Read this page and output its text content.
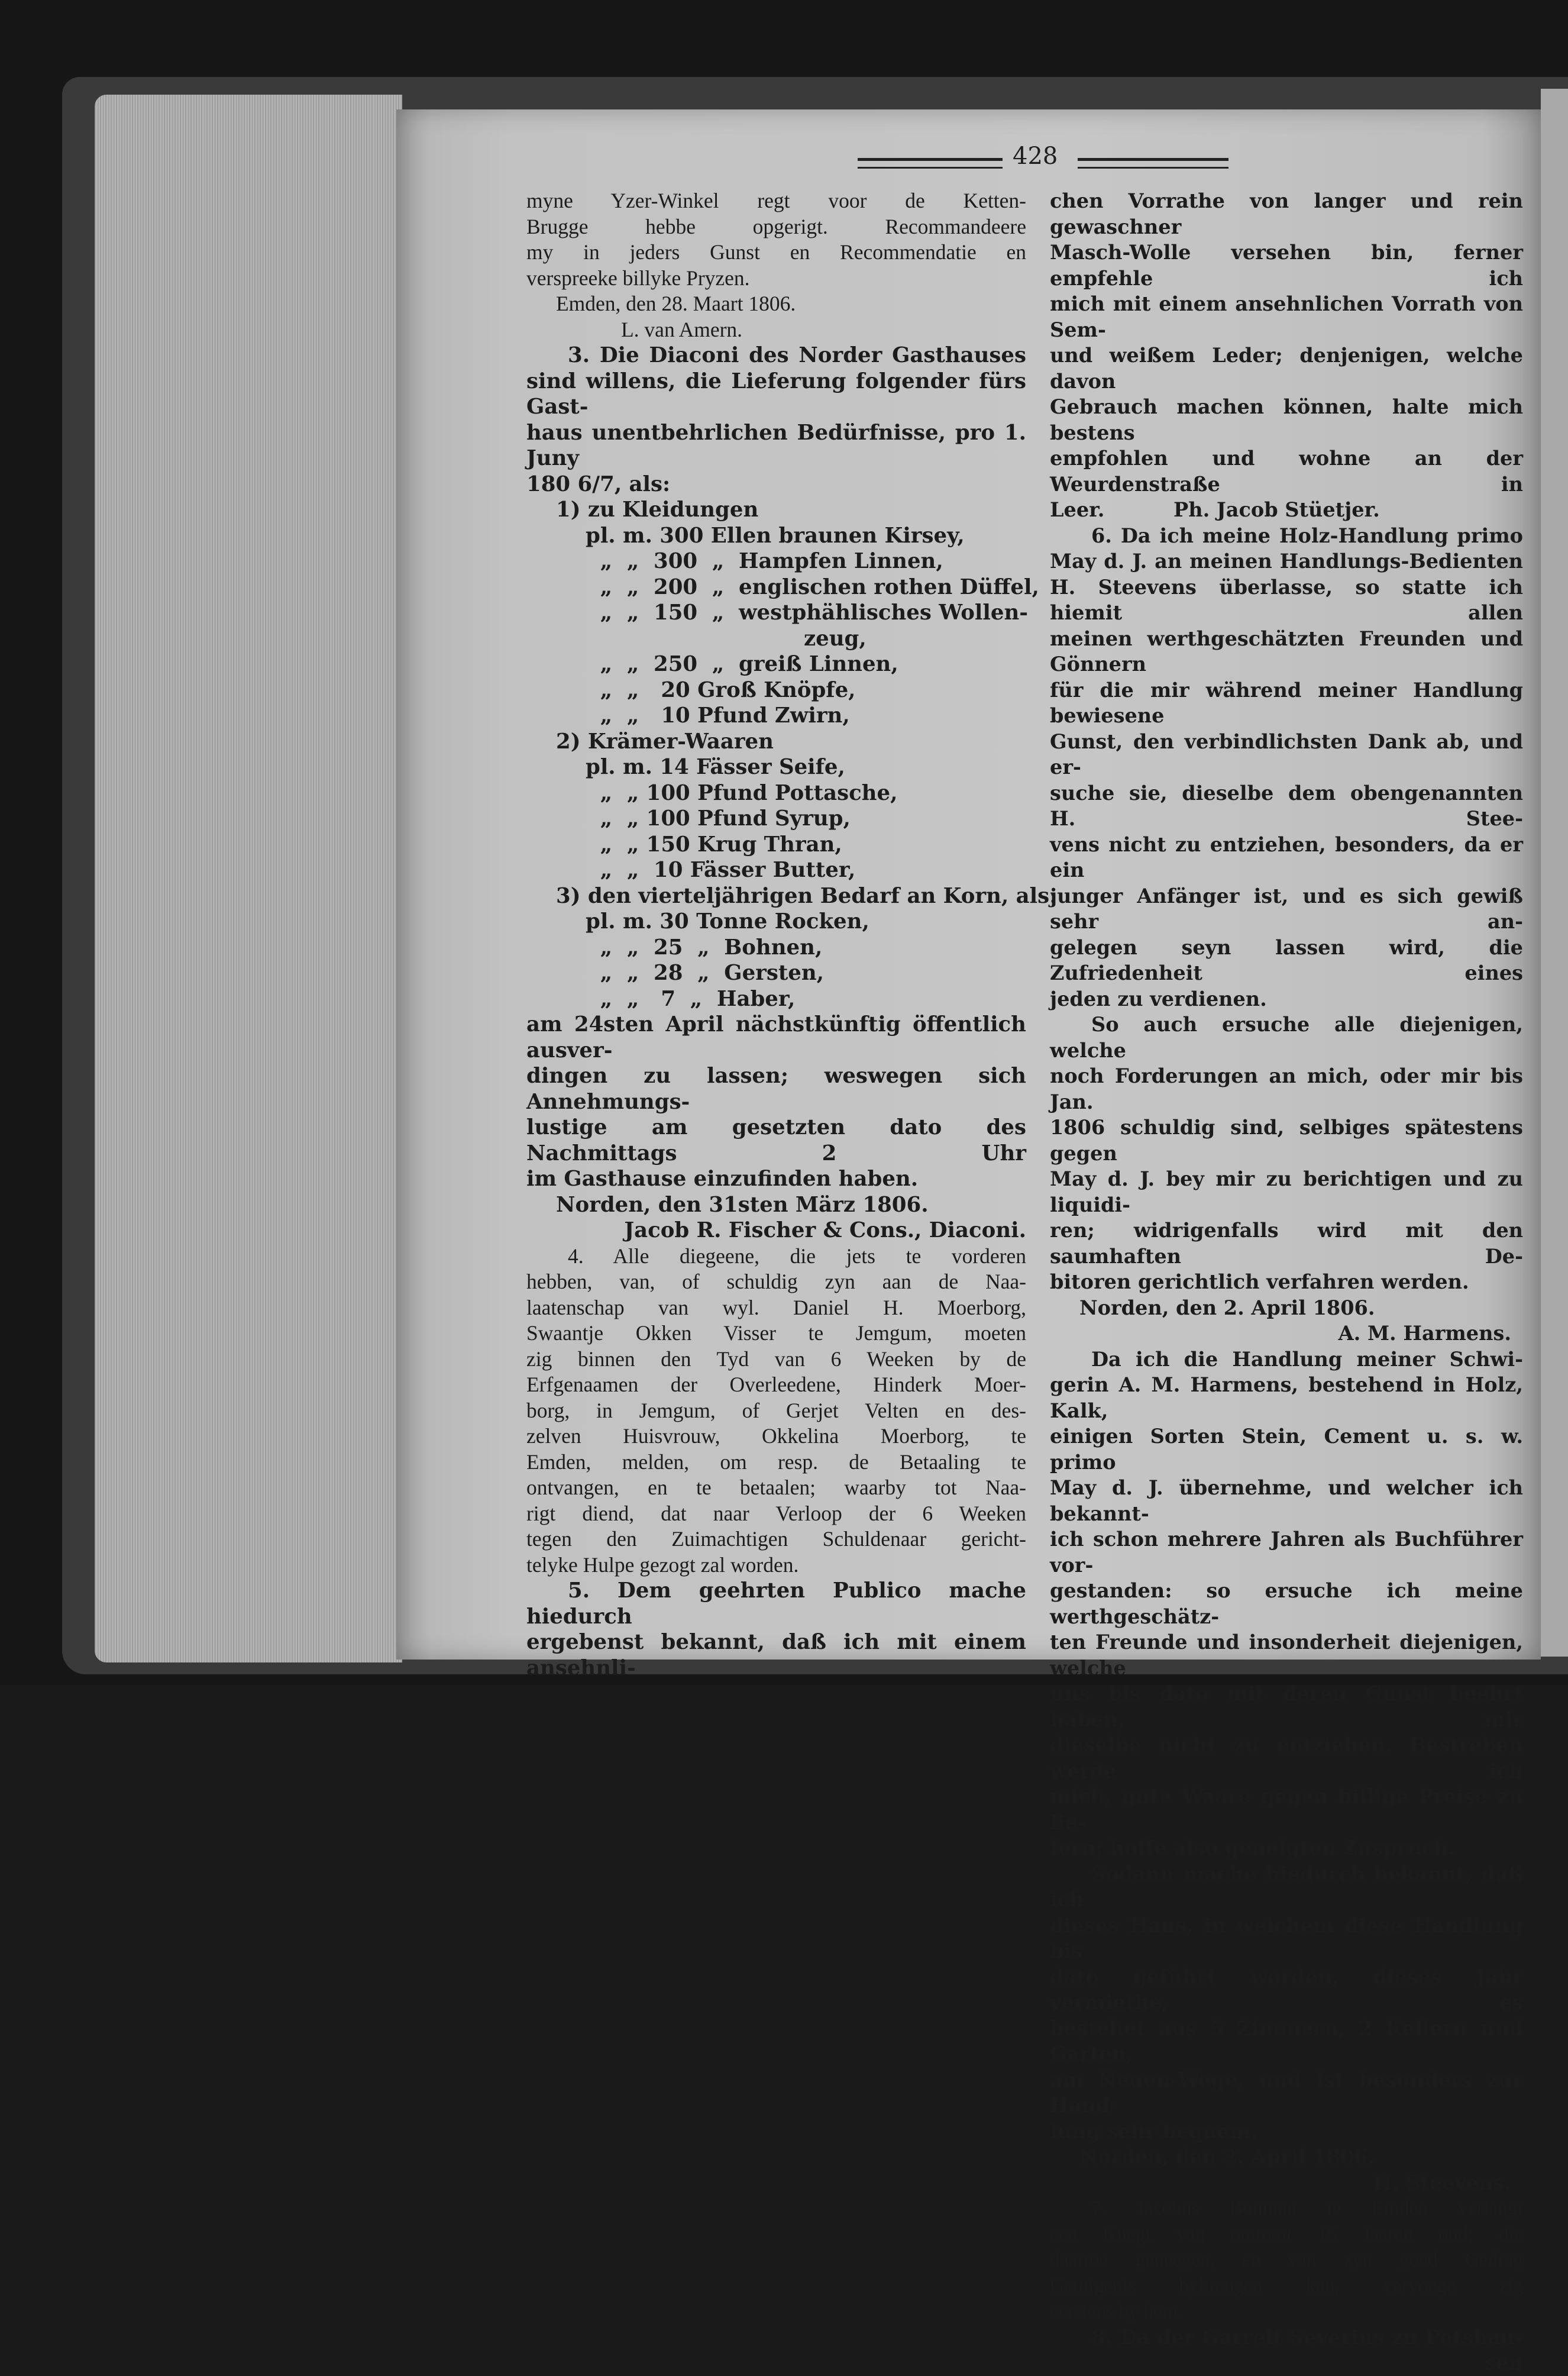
428

myne Yzer-Winkel regt voor de Ketten-

Brugge hebbe opgerigt. Recommandeere

my in jeders Gunst en Recommendatie en

verspreeke billyke Pryzen.

Emden, den 28. Maart 1806.

L. van Amern.

3. Die Diaconi des Norder Gasthauses

sind willens, die Lieferung folgender fürs Gast-

haus unentbehrlichen Bedürfnisse, pro 1. Juny

180 6/7, als:

1) zu Kleidungen

pl. m. 300 Ellen braunen Kirsey,

„  „  300  „  Hampfen Linnen,

„  „  200  „  englischen rothen Düffel,

„  „  150  „  westphählisches Wollen-

zeug,

„  „  250  „  greiß Linnen,

„  „   20 Groß Knöpfe,

„  „   10 Pfund Zwirn,

2) Krämer-Waaren

pl. m. 14 Fässer Seife,

„  „ 100 Pfund Pottasche,

„  „ 100 Pfund Syrup,

„  „ 150 Krug Thran,

„  „  10 Fässer Butter,

3) den vierteljährigen Bedarf an Korn, als:

pl. m. 30 Tonne Rocken,

„  „  25  „  Bohnen,

„  „  28  „  Gersten,

„  „   7  „  Haber,

am 24sten April nächstkünftig öffentlich ausver-

dingen zu lassen; weswegen sich Annehmungs-

lustige am gesetzten dato des Nachmittags 2 Uhr

im Gasthause einzufinden haben.

Norden, den 31sten März 1806.

Jacob R. Fischer & Cons., Diaconi.

4. Alle diegeene, die jets te vorderen

hebben, van, of schuldig zyn aan de Naa-

laatenschap van wyl. Daniel H. Moerborg,

Swaantje Okken Visser te Jemgum, moeten

zig binnen den Tyd van 6 Weeken by de

Erfgenaamen der Overleedene, Hinderk Moer-

borg, in Jemgum, of Gerjet Velten en des-

zelven Huisvrouw, Okkelina Moerborg, te

Emden, melden, om resp. de Betaaling te

ontvangen, en te betaalen; waarby tot Naa-

rigt diend, dat naar Verloop der 6 Weeken

tegen den Zuimachtigen Schuldenaar gericht-

telyke Hulpe gezogt zal worden.

5. Dem geehrten Publico mache hiedurch

ergebenst bekannt, daß ich mit einem ansehnli-

chen Vorrathe von langer und rein gewaschner

Masch-Wolle versehen bin, ferner empfehle ich

mich mit einem ansehnlichen Vorrath von Sem-

und weißem Leder; denjenigen, welche davon

Gebrauch machen können, halte mich bestens

empfohlen und wohne an der Weurdenstraße in

Leer.          Ph. Jacob Stüetjer.

6. Da ich meine Holz-Handlung primo

May d. J. an meinen Handlungs-Bedienten

H. Steevens überlasse, so statte ich hiemit allen

meinen werthgeschätzten Freunden und Gönnern

für die mir während meiner Handlung bewiesene

Gunst, den verbindlichsten Dank ab, und er-

suche sie, dieselbe dem obengenannten H. Stee-

vens nicht zu entziehen, besonders, da er ein

junger Anfänger ist, und es sich gewiß sehr an-

gelegen seyn lassen wird, die Zufriedenheit eines

jeden zu verdienen.

So auch ersuche alle diejenigen, welche

noch Forderungen an mich, oder mir bis Jan.

1806 schuldig sind, selbiges spätestens gegen

May d. J. bey mir zu berichtigen und zu liquidi-

ren; widrigenfalls wird mit den saumhaften De-

bitoren gerichtlich verfahren werden.

Norden, den 2. April 1806.

A. M. Harmens.

Da ich die Handlung meiner Schwi-

gerin A. M. Harmens, bestehend in Holz, Kalk,

einigen Sorten Stein, Cement u. s. w. primo

May d. J. übernehme, und welcher ich bekannt-

ich schon mehrere Jahren als Buchführer vor-

gestanden: so ersuche ich meine werthgeschätz-

ten Freunde und insonderheit diejenigen, welche

uns bis dato mit deren Gunst beehrt haben, mir

dieselbe nicht zu entziehen. Bestreben werde ich

mich, gute Waare gegen billige Preise zu lie-

fern; hoffe also geneigten Zuspruch.

Sodann mache hiedurch bekannt, daß ich

dieses Haus, in welchem diese Handlung bis

dato geführt worden, dieses Jahr vermiethe, es

bestehet aus 5 Zimmern, 2 Kellern und Garten,

am Neuen-Wege, und ist besonders zur Hand-

lung sehr bequem.

Norden, den 2. April 1806.

H. Steevens.

7. Jacobus Bouman te Emden verlangt

een Knegt van omtrent 15 Jaaren oud; die

daartoe geneegen, en van zyn goed Gedrag

Getuigenis bybrengen kan, vervoege zig

eerstens by hem.

8. Da der Garrelt Severins zu Potshau-

sen
